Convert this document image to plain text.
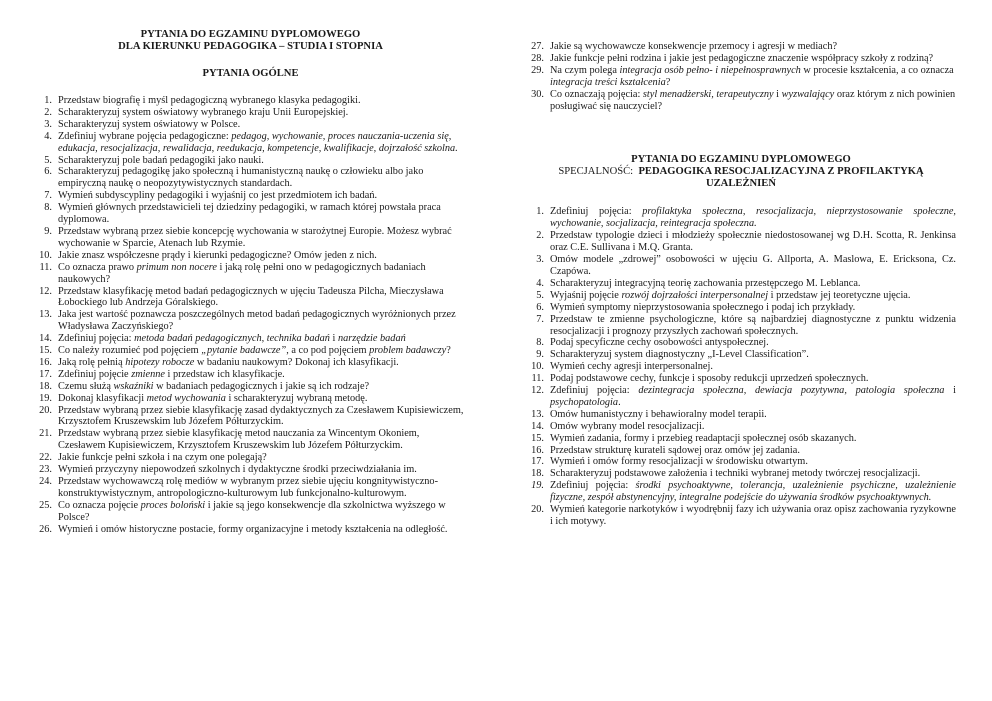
PYTANIA DO EGZAMINU DYPLOMOWEGO

DLA KIERUNKU PEDAGOGIKA – STUDIA I STOPNIA

PYTANIA OGÓLNE

1. Przedstaw biografię i myśl pedagogiczną wybranego klasyka pedagogiki.
2. Scharakteryzuj system oświatowy wybranego kraju Unii Europejskiej.
3. Scharakteryzuj system oświatowy w Polsce.
4. Zdefiniuj wybrane pojęcia pedagogiczne: pedagog, wychowanie, proces nauczania-uczenia się, edukacja, resocjalizacja, rewalidacja, reedukacja, kompetencje, kwalifikacje, dojrzałość szkolna.
5. Scharakteryzuj pole badań pedagogiki jako nauki.
6. Scharakteryzuj pedagogikę jako społeczną i humanistyczną naukę o człowieku albo jako empiryczną naukę o neopozytywistycznych standardach.
7. Wymień subdyscypliny pedagogiki i wyjaśnij co jest przedmiotem ich badań.
8. Wymień głównych przedstawicieli tej dziedziny pedagogiki, w ramach której powstała praca dyplomowa.
9. Przedstaw wybraną przez siebie koncepcję wychowania w starożytnej Europie. Możesz wybrać wychowanie w Sparcie, Atenach lub Rzymie.
10. Jakie znasz współczesne prądy i kierunki pedagogiczne? Omów jeden z nich.
11. Co oznacza prawo primum non nocere i jaką rolę pełni ono w pedagogicznych badaniach naukowych?
12. Przedstaw klasyfikację metod badań pedagogicznych w ujęciu Tadeusza Pilcha, Mieczysława Łobockiego lub Andrzeja Góralskiego.
13. Jaka jest wartość poznawcza poszczególnych metod badań pedagogicznych wyróżnionych przez Władysława Zaczyńskiego?
14. Zdefiniuj pojęcia: metoda badań pedagogicznych, technika badań i narzędzie badań
15. Co należy rozumieć pod pojęciem „pytanie badawcze”, a co pod pojęciem problem badawczy?
16. Jaką rolę pełnią hipotezy robocze w badaniu naukowym? Dokonaj ich klasyfikacji.
17. Zdefiniuj pojęcie zmienne i przedstaw ich klasyfikacje.
18. Czemu służą wskaźniki w badaniach pedagogicznych i jakie są ich rodzaje?
19. Dokonaj klasyfikacji metod wychowania i scharakteryzuj wybraną metodę.
20. Przedstaw wybraną przez siebie klasyfikację zasad dydaktycznych za Czesławem Kupisiewiczem, Krzysztofem Kruszewskim lub Józefem Półturzyckim.
21. Przedstaw wybraną przez siebie klasyfikację metod nauczania za Wincentym Okoniem, Czesławem Kupisiewiczem, Krzysztofem Kruszewskim lub Józefem Półturzyckim.
22. Jakie funkcje pełni szkoła i na czym one polegają?
23. Wymień przyczyny niepowodzeń szkolnych i dydaktyczne środki przeciwdziałania im.
24. Przedstaw wychowawczą rolę mediów w wybranym przez siebie ujęciu kongnitywistyczno-konstruktywistycznym, antropologiczno-kulturowym lub funkcjonalno-kulturowym.
25. Co oznacza pojęcie proces boloński i jakie są jego konsekwencje dla szkolnictwa wyższego w Polsce?
26. Wymień i omów historyczne postacie, formy organizacyjne i metody kształcenia na odległość.
27. Jakie są wychowawcze konsekwencje przemocy i agresji w mediach?
28. Jakie funkcje pełni rodzina i jakie jest pedagogiczne znaczenie współpracy szkoły z rodziną?
29. Na czym polega integracja osób pełno- i niepełnosprawnych w procesie kształcenia, a co oznacza integracja treści kształcenia?
30. Co oznaczają pojęcia: styl menadżerski, terapeutyczny i wyzwalający oraz którym z nich powinien posługiwać się nauczyciel?
PYTANIA DO EGZAMINU DYPLOMOWEGO
SPECJALNOŚĆ: PEDAGOGIKA RESOCJALIZACYJNA Z PROFILAKTYKĄ
UZALEŻNIEŃ
1. Zdefiniuj pojęcia: profilaktyka społeczna, resocjalizacja, nieprzystosowanie społeczne, wychowanie, socjalizacja, reintegracja społeczna.
2. Przedstaw typologie dzieci i młodzieży społecznie niedostosowanej wg D.H. Scotta, R. Jenkinsa oraz C.E. Sullivana i M.Q. Granta.
3. Omów modele „zdrowej” osobowości w ujęciu G. Allporta, A. Maslowa, E. Ericksona, Cz. Czapówa.
4. Scharakteryzuj integracyjną teorię zachowania przestępczego M. Leblanca.
5. Wyjaśnij pojęcie rozwój dojrzałości interpersonalnej i przedstaw jej teoretyczne ujęcia.
6. Wymień symptomy nieprzystosowania społecznego i podaj ich przykłady.
7. Przedstaw te zmienne psychologiczne, które są najbardziej diagnostyczne z punktu widzenia resocjalizacji i prognozy przyszłych zachowań społecznych.
8. Podaj specyficzne cechy osobowości antyspołecznej.
9. Scharakteryzuj system diagnostyczny „I-Level Classification”.
10. Wymień cechy agresji interpersonalnej.
11. Podaj podstawowe cechy, funkcje i sposoby redukcji uprzedzeń społecznych.
12. Zdefiniuj pojęcia: dezintegracja społeczna, dewiacja pozytywna, patologia społeczna i psychopatologia.
13. Omów humanistyczny i behawioralny model terapii.
14. Omów wybrany model resocjalizacji.
15. Wymień zadania, formy i przebieg readaptacji społecznej osób skazanych.
16. Przedstaw strukturę kurateli sądowej oraz omów jej zadania.
17. Wymień i omów formy resocjalizacji w środowisku otwartym.
18. Scharakteryzuj podstawowe założenia i techniki wybranej metody twórczej resocjalizacji.
19. Zdefiniuj pojęcia: środki psychoaktywne, tolerancja, uzależnienie psychiczne, uzależnienie fizyczne, zespół abstynencyjny, integralne podejście do używania środków psychoaktywnych.
20. Wymień kategorie narkotyków i wyodrębnij fazy ich używania oraz opisz zachowania ryzykowne i ich motywy.
